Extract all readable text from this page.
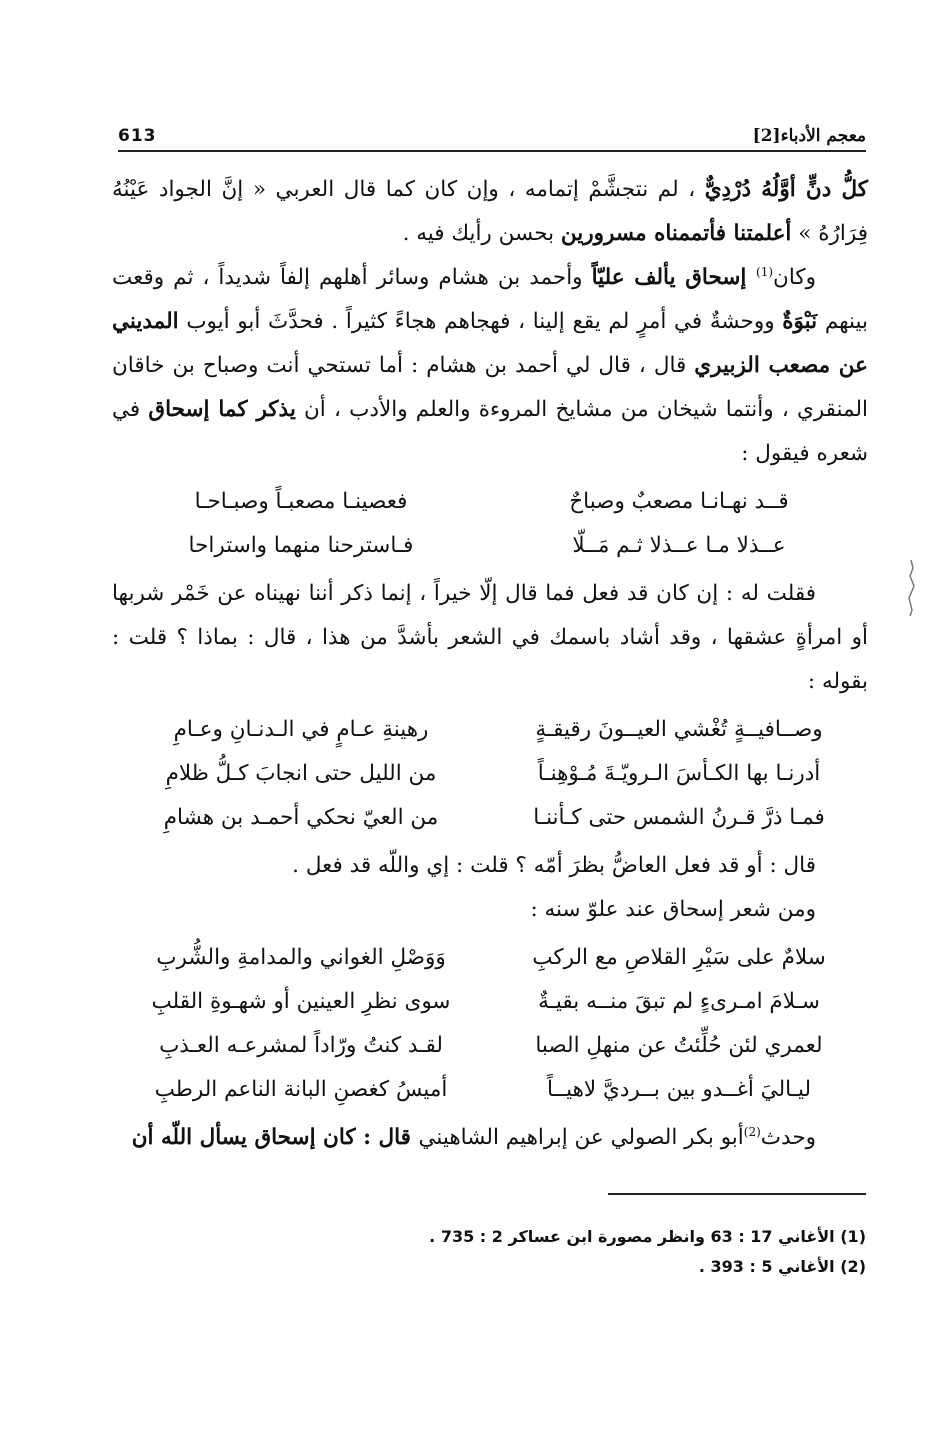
613	معجم الأدباء[2]

كلُّ دنٍّ أوَّلُهُ دُرْدِيٌّ ، لم نتجشَّمْ إتمامه ، وإن كان كما قال العربي « إنَّ الجواد عَيْنُهُ فِرَارُهُ » أعلمتنا فأتممناه مسرورين بحسن رأيك فيه .

وكان$^{(1)}$ إسحاق يألف عليّاً وأحمد بن هشام وسائر أهلهم إلفاً شديداً ، ثم وقعت بينهم نَبْوَةٌ ووحشةٌ في أمرٍ لم يقع إلينا ، فهجاهم هجاءً كثيراً . فحدَّثَ أبو أيوب المديني عن مصعب الزبيري قال ، قال لي أحمد بن هشام : أما تستحي أنت وصباح بن خاقان المنقري ، وأنتما شيخان من مشايخ المروءة والعلم والأدب ، أن يذكر كما إسحاق في شعره فيقول :

قــد نهـانـا مصعبٌ وصباحٌ
فعصينـا مصعبـاً وصبـاحـا
عــذلا مـا عــذلا ثـم مَــلّا
فـاسترحنا منهما واستراحا

فقلت له : إن كان قد فعل فما قال إلّا خيراً ، إنما ذكر أننا نهيناه عن خَمْر شربها أو امرأةٍ عشقها ، وقد أشاد باسمك في الشعر بأشدَّ من هذا ، قال : بماذا ؟ قلت : بقوله :

وصــافيــةٍ تُغْشي العيــونَ رقيقـةٍ
رهينةِ عـامٍ في الـدنـانِ وعـامِ
أدرنـا بها الكـأسَ الـرويّـةَ مُـوْهِنـاً
من الليل حتى انجابَ كـلُّ ظلامِ
فمـا ذرَّ قـرنُ الشمس حتى كـأننـا
من العيّ نحكي أحمـد بن هشامِ

قال : أو قد فعل العاضُّ بظرَ أمّه ؟ قلت : إي واللّه قد فعل .

ومن شعر إسحاق عند علوّ سنه :

سلامٌ على سَيْرِ القلاصِ مع الركبِ
وَوَصْلِ الغواني والمدامةِ والشُّربِ
سـلامَ امـرىءٍ لم تبقَ منــه بقيـةٌ
سوى نظرِ العينين أو شهـوةِ القلبِ
لعمري لئن حُلِّئتُ عن منهلِ الصبا
لقـد كنتُ ورّاداً لمشرعـه العـذبِ
ليـاليَ أغــدو بين بــرديَّ لاهيــاً
أميسُ كغصنِ البانة الناعم الرطبِ

وحدث$^{(2)}$أبو بكر الصولي عن إبراهيم الشاهيني قال : كان إسحاق يسأل اللّه أن

(1) الأغاني 17 : 63 وانظر مصورة ابن عساكر 2 : 735 .

(2) الأغاني 5 : 393 .
